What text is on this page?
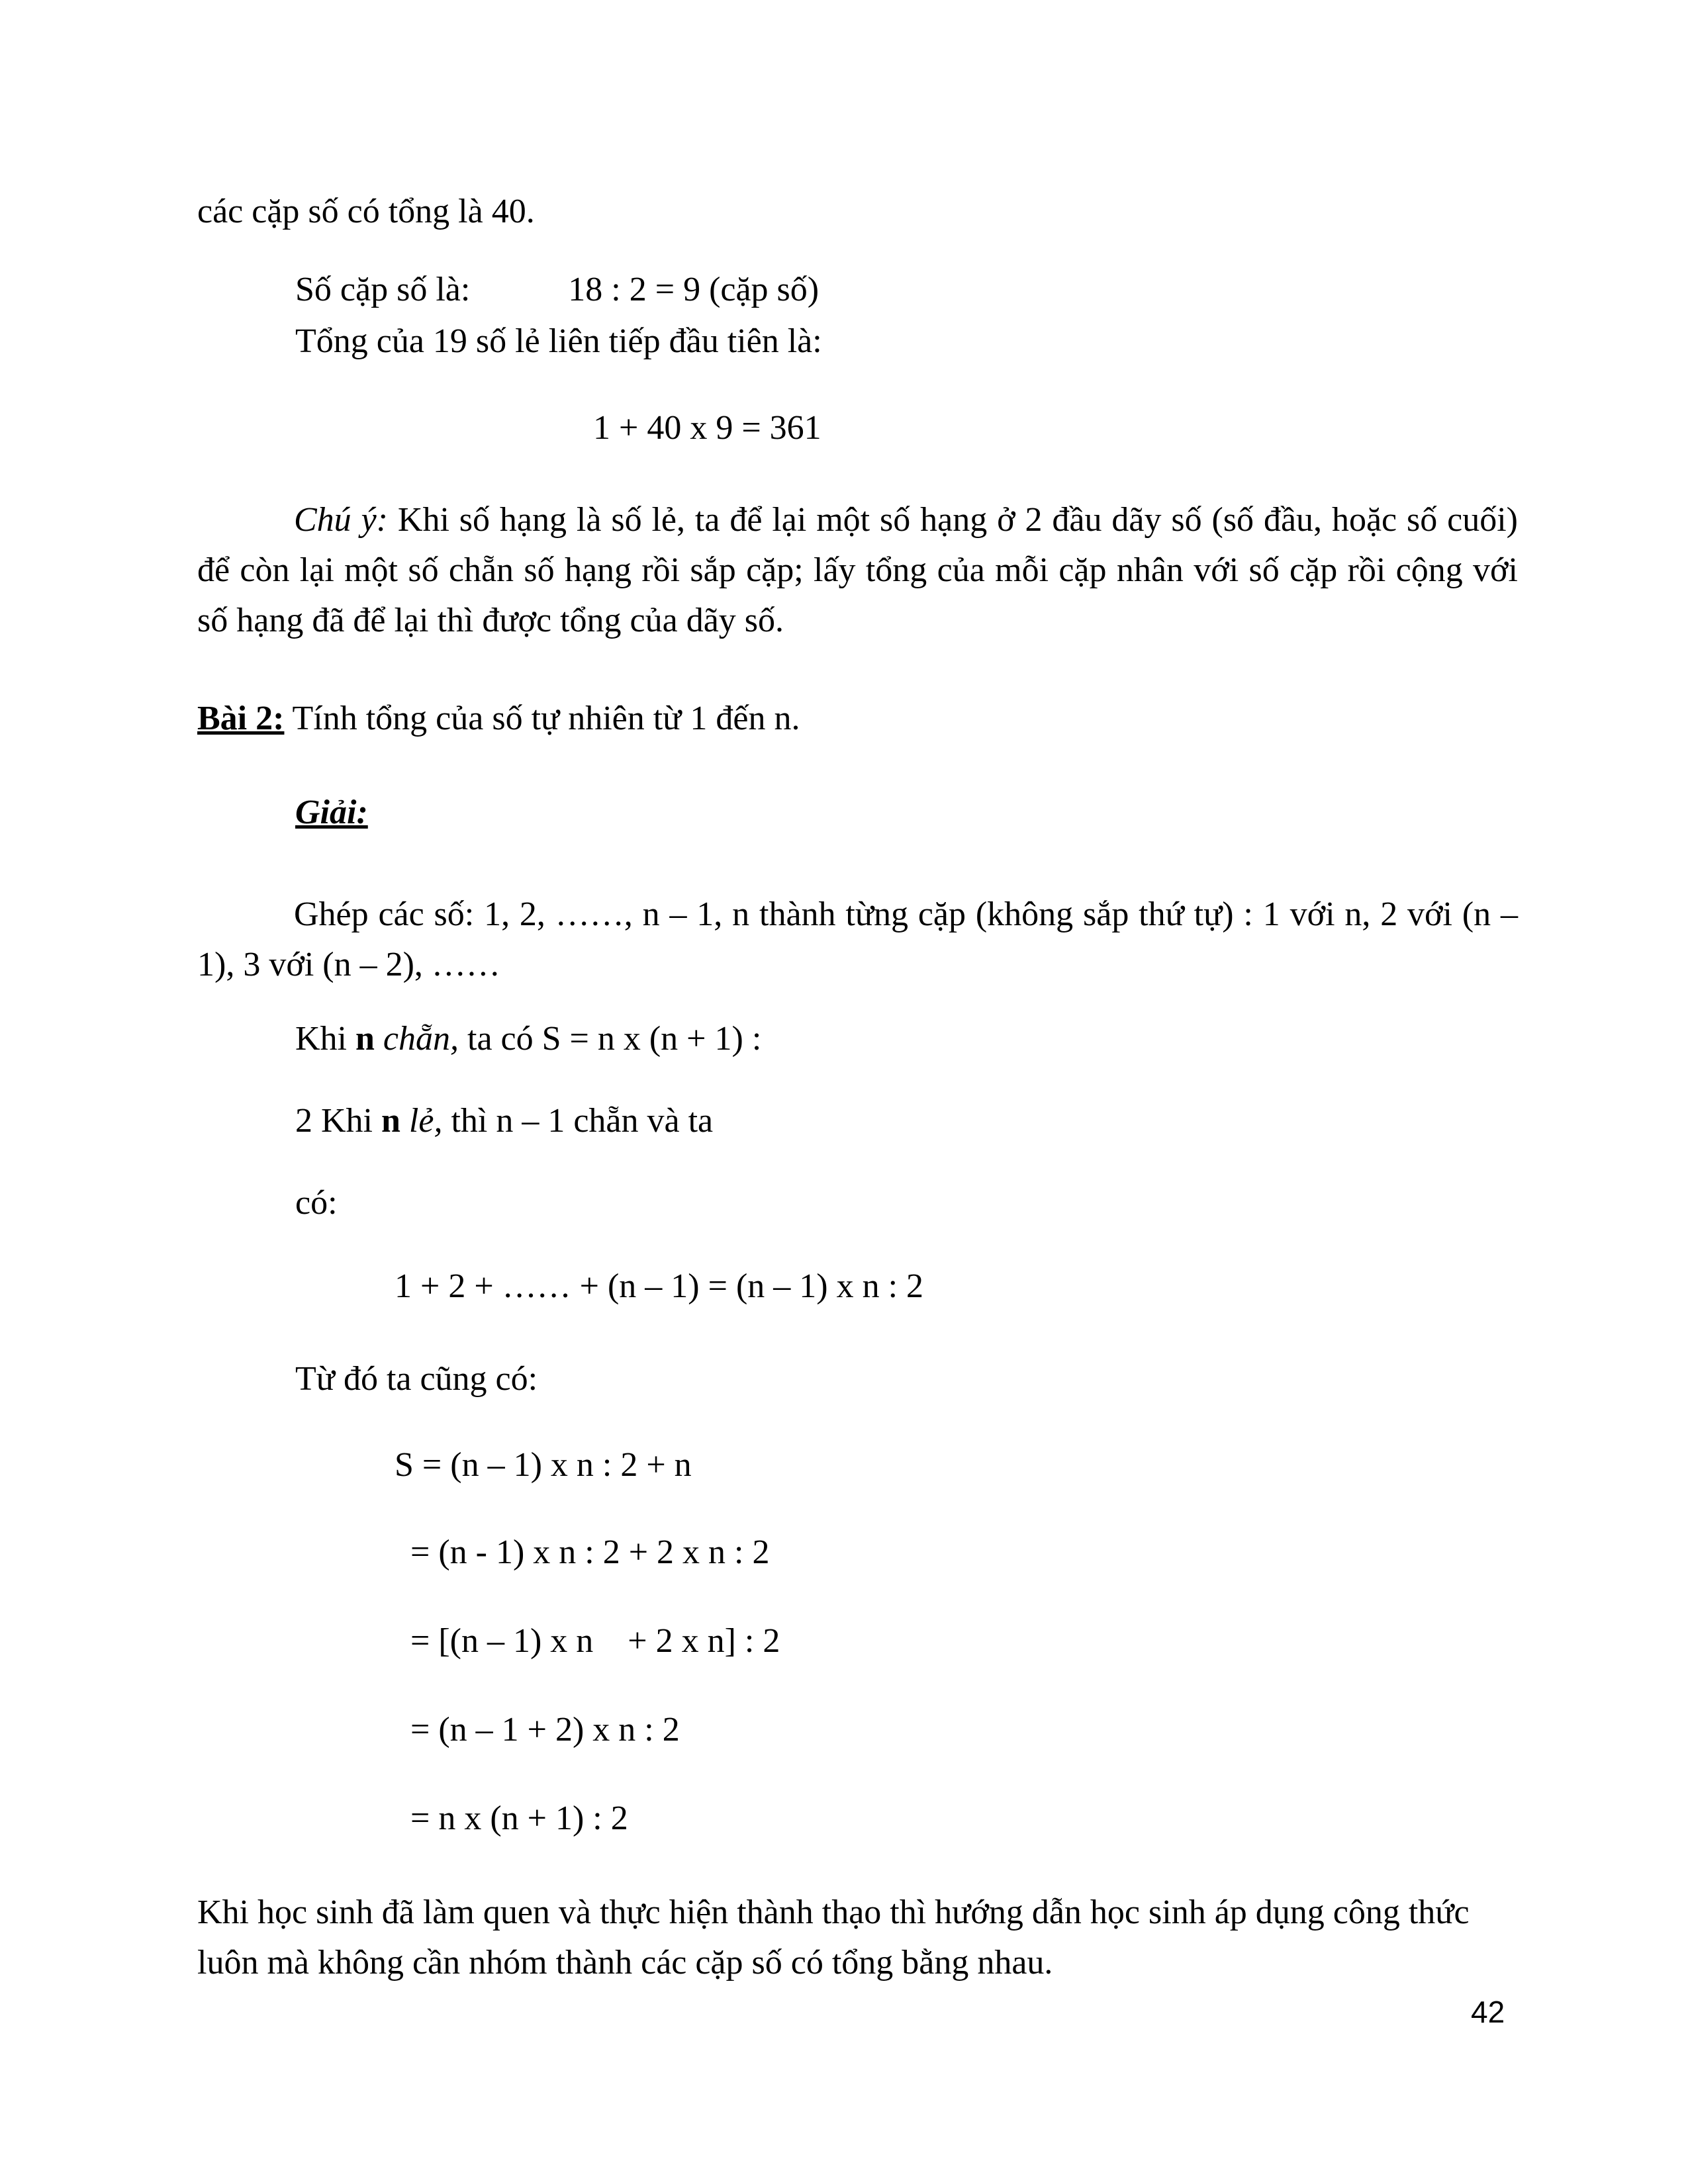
các cặp số có tổng là 40.

Số cặp số là:	18 : 2 = 9 (cặp số)

Tổng của 19 số lẻ liên tiếp đầu tiên là:

1 + 40 x 9 = 361

Chú ý: Khi số hạng là số lẻ, ta để lại một số hạng ở 2 đầu dãy số (số đầu, hoặc số cuối) để còn lại một số chẵn số hạng rồi sắp cặp; lấy tổng của mỗi cặp nhân với số cặp rồi cộng với số hạng đã để lại thì được tổng của dãy số.

Bài 2: Tính tổng của số tự nhiên từ 1 đến n.

Giải:

Ghép các số: 1, 2, ……, n – 1, n thành từng cặp (không sắp thứ tự) : 1 với n, 2 với (n – 1), 3 với (n – 2), ……

Khi n chẵn, ta có S = n x (n + 1) :

2 Khi n lẻ, thì n – 1 chẵn và ta

có:

1 + 2 + …… + (n – 1) = (n – 1) x n : 2

Từ đó ta cũng có:

S = (n – 1) x n : 2 + n

= (n - 1) x n : 2 + 2 x n : 2

= [(n – 1) x n    + 2 x n] : 2

= (n – 1 + 2) x n : 2

= n x (n + 1) : 2

Khi học sinh đã làm quen và thực hiện thành thạo thì hướng dẫn học sinh áp dụng công thức luôn mà không cần nhóm thành các cặp số có tổng bằng nhau.

42
